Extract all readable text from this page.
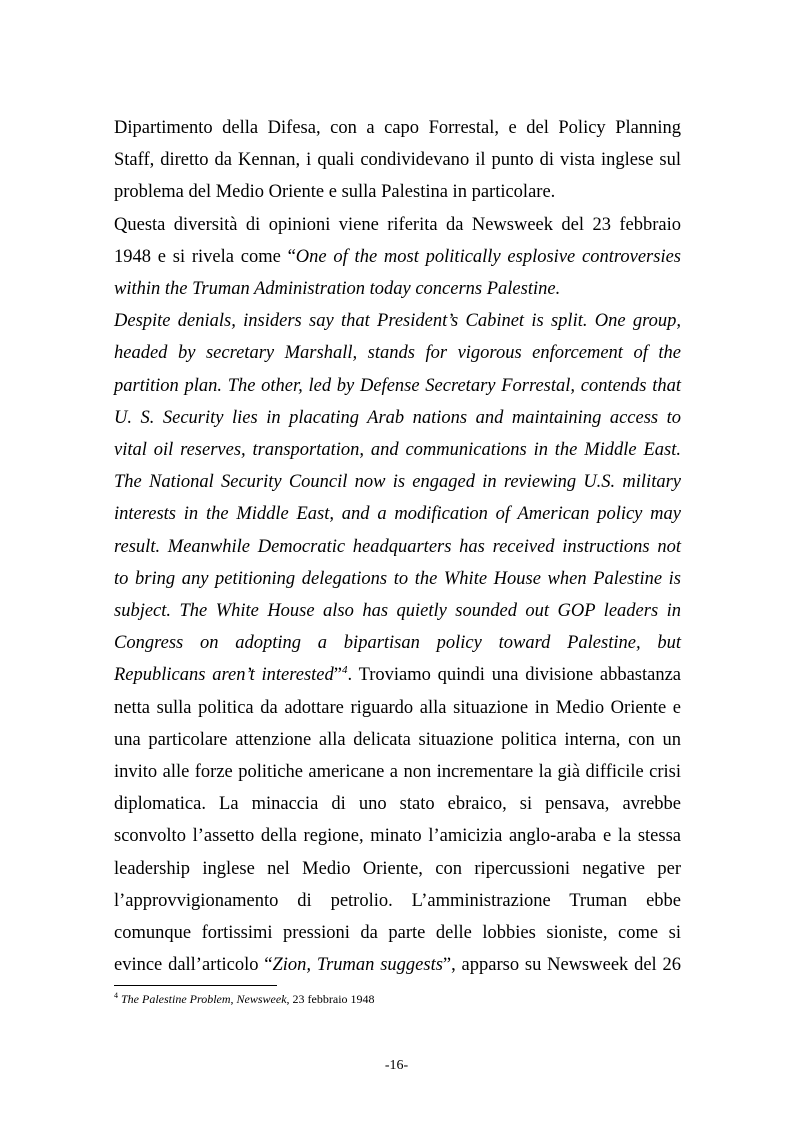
Dipartimento della Difesa, con a capo Forrestal, e del Policy Planning
Staff, diretto da Kennan, i quali condividevano il punto di vista inglese sul
problema del Medio Oriente e sulla Palestina in particolare.

Questa diversità di opinioni viene riferita da Newsweek del 23 febbraio
1948 e si rivela come “One of the most politically esplosive controversies
within the Truman Administration today concerns Palestine.

Despite denials, insiders say that President’s Cabinet is split. One group,
headed by secretary Marshall, stands for vigorous enforcement of the
partition plan. The other, led by Defense Secretary Forrestal, contends that
U. S. Security lies in placating Arab nations and maintaining access to
vital oil reserves, transportation, and communications in the Middle East.
The National Security Council now is engaged in reviewing U.S. military
interests in the Middle East, and a modification of American policy may
result. Meanwhile Democratic headquarters has received instructions not
to bring any petitioning delegations to the White House when Palestine is
subject. The White House also has quietly sounded out GOP leaders in
Congress on adopting a bipartisan policy toward Palestine, but
Republicans aren’t interested”$^4$. Troviamo quindi una divisione abbastanza
netta sulla politica da adottare riguardo alla situazione in Medio Oriente e
una particolare attenzione alla delicata situazione politica interna, con un
invito alle forze politiche americane a non incrementare la già difficile crisi
diplomatica. La minaccia di uno stato ebraico, si pensava, avrebbe
sconvolto l’assetto della regione, minato l’amicizia anglo-araba e la stessa
leadership inglese nel Medio Oriente, con ripercussioni negative per
l’approvvigionamento di petrolio. L’amministrazione Truman ebbe
comunque fortissimi pressioni da parte delle lobbies sioniste, come si
evince dall’articolo “Zion, Truman suggests”, apparso su Newsweek del 26

$^4$ The Palestine Problem, Newsweek, 23 febbraio 1948
-16-
